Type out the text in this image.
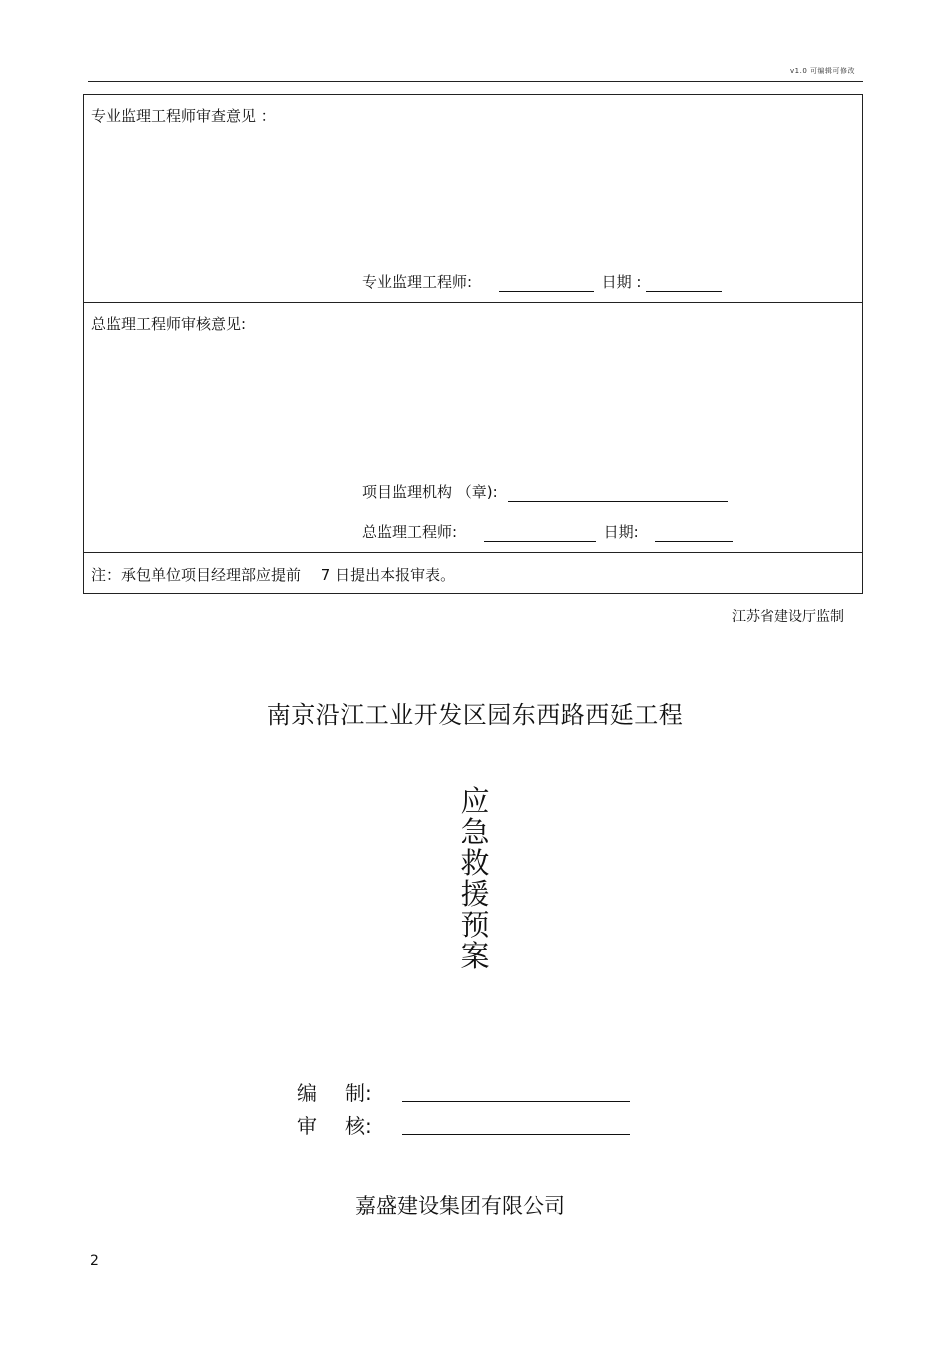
v1.0 可编辑可修改
专业监理工程师审查意见 ：
专业监理工程师:	日期 :
总监理工程师审核意见:
项目监理机构 （章):
总监理工程师:	日期:
注：承包单位项目经理部应提前　 7 日提出本报审表。
江苏省建设厅监制
南京沿江工业开发区园东西路西延工程
应
急
救
援
预
案
编 制:
审 核:
嘉盛建设集团有限公司
2
